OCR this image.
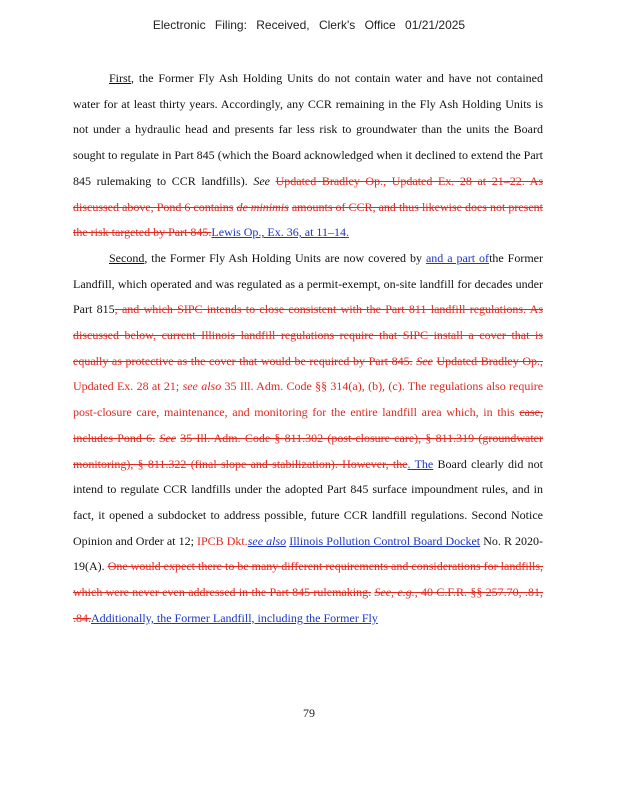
Electronic Filing: Received, Clerk's Office 01/21/2025

First, the Former Fly Ash Holding Units do not contain water and have not contained water for at least thirty years. Accordingly, any CCR remaining in the Fly Ash Holding Units is not under a hydraulic head and presents far less risk to groundwater than the units the Board sought to regulate in Part 845 (which the Board acknowledged when it declined to extend the Part 845 rulemaking to CCR landfills). See Updated Bradley Op., Updated Ex. 28 at 21–22. As discussed above, Pond 6 contains de minimis amounts of CCR, and thus likewise does not present the risk targeted by Part 845.Lewis Op., Ex. 36, at 11–14.

Second, the Former Fly Ash Holding Units are now covered by and a part ofthe Former Landfill, which operated and was regulated as a permit-exempt, on-site landfill for decades under Part 815, and which SIPC intends to close consistent with the Part 811 landfill regulations. As discussed below, current Illinois landfill regulations require that SIPC install a cover that is equally as protective as the cover that would be required by Part 845. See Updated Bradley Op., Updated Ex. 28 at 21; see also 35 Ill. Adm. Code §§ 314(a), (b), (c). The regulations also require post-closure care, maintenance, and monitoring for the entire landfill area which, in this case, includes Pond 6. See 35 Ill. Adm. Code § 811.302 (post-closure care), § 811.319 (groundwater monitoring), § 811.322 (final slope and stabilization). However, the. The Board clearly did not intend to regulate CCR landfills under the adopted Part 845 surface impoundment rules, and in fact, it opened a subdocket to address possible, future CCR landfill regulations. Second Notice Opinion and Order at 12; IPCB Dkt.see also Illinois Pollution Control Board Docket No. R 2020-19(A). One would expect there to be many different requirements and considerations for landfills, which were never even addressed in the Part 845 rulemaking. See, e.g., 40 C.F.R. §§ 257.70, .81, .84.Additionally, the Former Landfill, including the Former Fly

79
